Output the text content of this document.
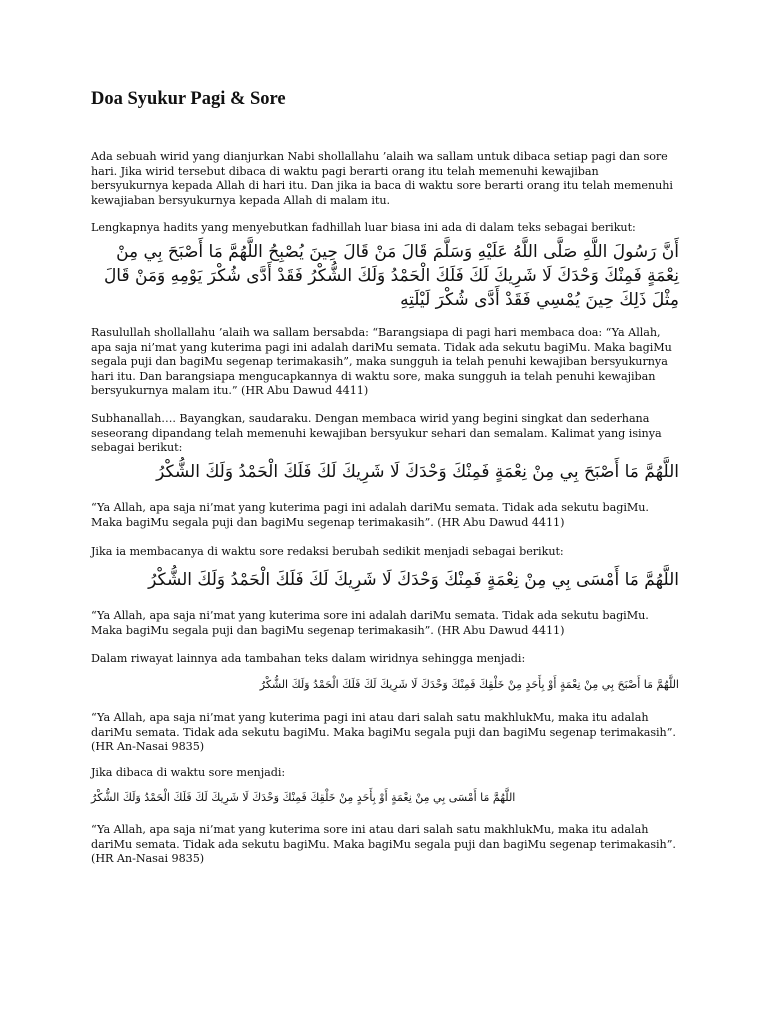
Doa Syukur Pagi & Sore

Ada sebuah wirid yang dianjurkan Nabi shollallahu ’alaih wa sallam untuk dibaca setiap pagi dan sore hari. Jika wirid tersebut dibaca di waktu pagi berarti orang itu telah memenuhi kewajiban bersyukurnya kepada Allah di hari itu. Dan jika ia baca di waktu sore berarti orang itu telah memenuhi kewajiaban bersyukurnya kepada Allah di malam itu.

Lengkapnya hadits yang menyebutkan fadhillah luar biasa ini ada di dalam teks sebagai berikut:

أَنَّ رَسُولَ اللَّهِ صَلَّى اللَّهُ عَلَيْهِ وَسَلَّمَ قَالَ مَنْ قَالَ حِينَ يُصْبِحُ اللَّهُمَّ مَا أَصْبَحَ بِي مِنْ نِعْمَةٍ فَمِنْكَ وَحْدَكَ لَا شَرِيكَ لَكَ فَلَكَ الْحَمْدُ وَلَكَ الشُّكْرُ فَقَدْ أَدَّى شُكْرَ يَوْمِهِ وَمَنْ قَالَ مِثْلَ ذَلِكَ حِينَ يُمْسِي فَقَدْ أَدَّى شُكْرَ لَيْلَتِهِ

Rasulullah shollallahu ’alaih wa sallam bersabda: “Barangsiapa di pagi hari membaca doa: “Ya Allah, apa saja ni’mat yang kuterima pagi ini adalah dariMu semata. Tidak ada sekutu bagiMu. Maka bagiMu segala puji dan bagiMu segenap terimakasih”, maka sungguh ia telah penuhi kewajiban bersyukurnya hari itu. Dan barangsiapa mengucapkannya di waktu sore, maka sungguh ia telah penuhi kewajiban bersyukurnya malam itu.” (HR Abu Dawud 4411)

Subhanallah…. Bayangkan, saudaraku. Dengan membaca wirid yang begini singkat dan sederhana seseorang dipandang telah memenuhi kewajiban bersyukur sehari dan semalam. Kalimat yang isinya sebagai berikut:

اللَّهُمَّ مَا أَصْبَحَ بِي مِنْ نِعْمَةٍ فَمِنْكَ وَحْدَكَ لَا شَرِيكَ لَكَ فَلَكَ الْحَمْدُ وَلَكَ الشُّكْرُ

“Ya Allah, apa saja ni’mat yang kuterima pagi ini adalah dariMu semata. Tidak ada sekutu bagiMu. Maka bagiMu segala puji dan bagiMu segenap terimakasih”. (HR Abu Dawud 4411)

Jika ia membacanya di waktu sore redaksi berubah sedikit menjadi sebagai berikut:

اللَّهُمَّ مَا أَمْسَى بِي مِنْ نِعْمَةٍ فَمِنْكَ وَحْدَكَ لَا شَرِيكَ لَكَ فَلَكَ الْحَمْدُ وَلَكَ الشُّكْرُ

“Ya Allah, apa saja ni’mat yang kuterima sore ini adalah dariMu semata. Tidak ada sekutu bagiMu. Maka bagiMu segala puji dan bagiMu segenap terimakasih”. (HR Abu Dawud 4411)

Dalam riwayat lainnya ada tambahan teks dalam wiridnya sehingga menjadi:

اللَّهُمَّ مَا أَصْبَحَ بِي مِنْ نِعْمَةٍ أَوْ بِأَحَدٍ مِنْ خَلْقِكَ فَمِنْكَ وَحْدَكَ لَا شَرِيكَ لَكَ فَلَكَ الْحَمْدُ وَلَكَ الشُّكْرُ

“Ya Allah, apa saja ni’mat yang kuterima pagi ini atau dari salah satu makhlukMu, maka itu adalah dariMu semata. Tidak ada sekutu bagiMu. Maka bagiMu segala puji dan bagiMu segenap terimakasih”. (HR An-Nasai 9835)

Jika dibaca di waktu sore menjadi:

اللَّهُمَّ مَا أَمْسَى بِي مِنْ نِعْمَةٍ أَوْ بِأَحَدٍ مِنْ خَلْقِكَ فَمِنْكَ وَحْدَكَ لَا شَرِيكَ لَكَ فَلَكَ الْحَمْدُ وَلَكَ الشُّكْرُ

“Ya Allah, apa saja ni’mat yang kuterima sore ini atau dari salah satu makhlukMu, maka itu adalah dariMu semata. Tidak ada sekutu bagiMu. Maka bagiMu segala puji dan bagiMu segenap terimakasih”. (HR An-Nasai 9835)
